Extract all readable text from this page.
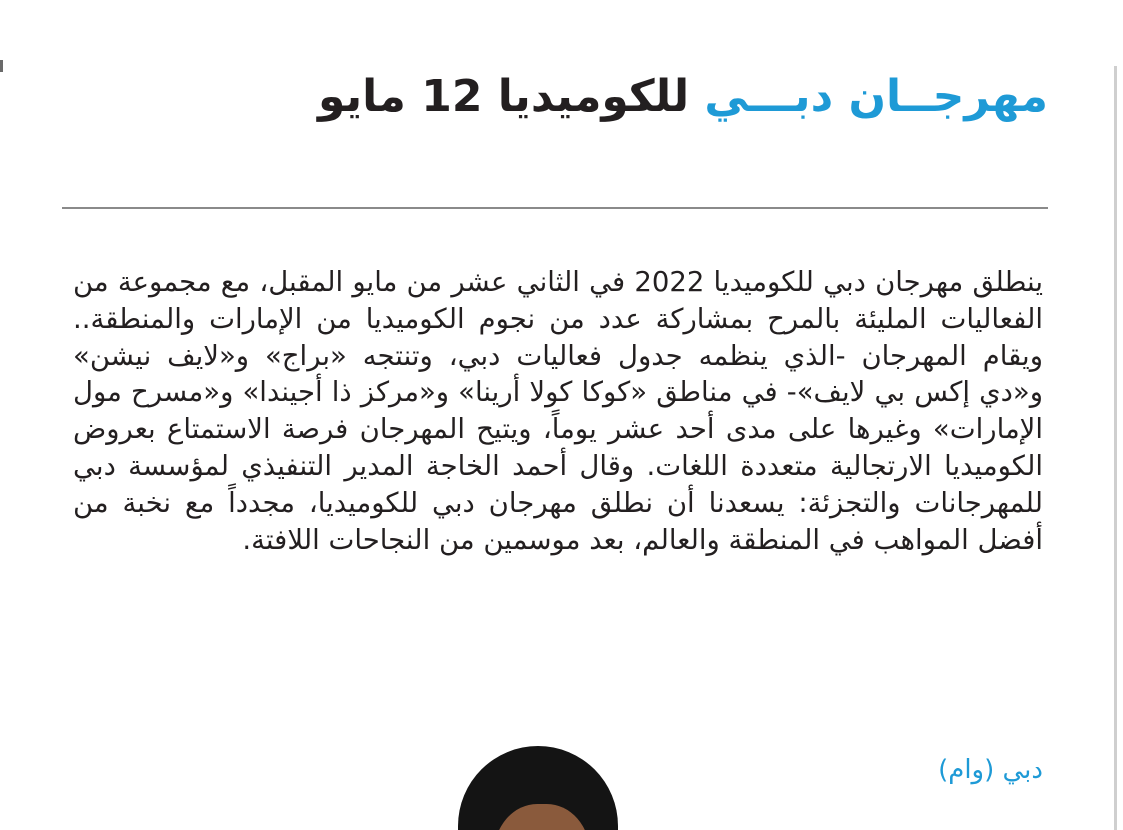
مهرجــان دبـــي للكوميديا 12 مايو

ينطلق مهرجان دبي للكوميديا 2022 في الثاني عشر من مايو المقبل، مع مجموعة من الفعاليات المليئة بالمرح بمشاركة عدد من نجوم الكوميديا من الإمارات والمنطقة.. ويقام المهرجان -الذي ينظمه جدول فعاليات دبي، وتنتجه «براج» و«لايف نيشن» و«دي إكس بي لايف»- في مناطق «كوكا كولا أرينا» و«مركز ذا أجيندا» و«مسرح مول الإمارات» وغيرها على مدى أحد عشر يوماً، ويتيح المهرجان فرصة الاستمتاع بعروض الكوميديا الارتجالية متعددة اللغات. وقال أحمد الخاجة المدير التنفيذي لمؤسسة دبي للمهرجانات والتجزئة: يسعدنا أن نطلق مهرجان دبي للكوميديا، مجدداً مع نخبة من أفضل المواهب في المنطقة والعالم، بعد موسمين من النجاحات اللافتة.

دبي (وام)
